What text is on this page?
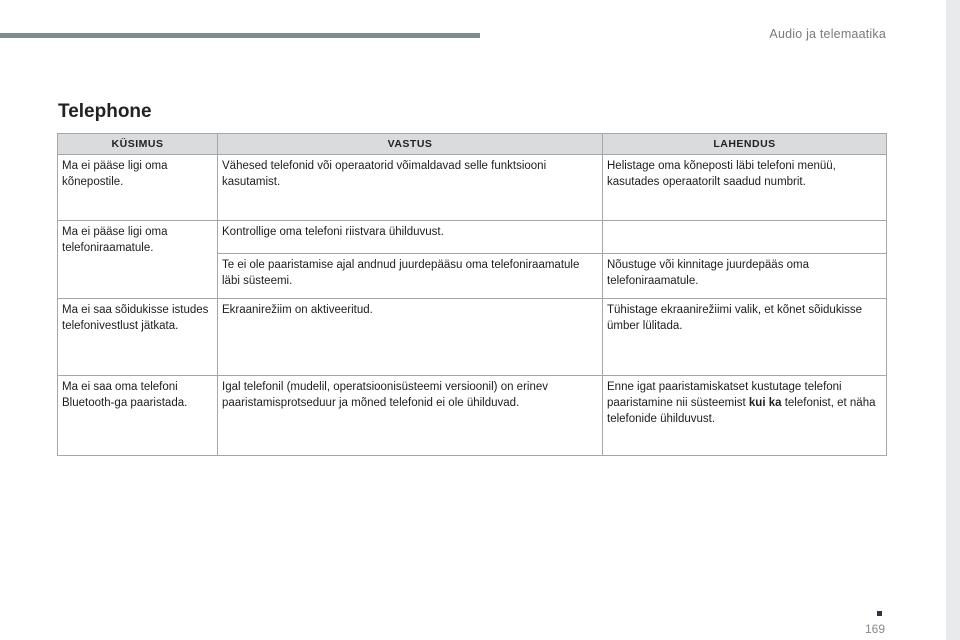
Audio ja telemaatika
Telephone
KÜSIMUS	VASTUS	LAHENDUS
Ma ei pääse ligi oma kõnepostile.	Vähesed telefonid või operaatorid võimaldavad selle funktsiooni kasutamist.	Helistage oma kõneposti läbi telefoni menüü, kasutades operaatorilt saadud numbrit.
Ma ei pääse ligi oma telefoniraamatule.	Kontrollige oma telefoni riistvara ühilduvust.	
	Te ei ole paaristamise ajal andnud juurdepääsu oma telefoniraamatule läbi süsteemi.	Nõustuge või kinnitage juurdepääs oma telefoniraamatule.
Ma ei saa sõidukisse istudes telefonivestlust jätkata.	Ekraanirežiim on aktiveeritud.	Tühistage ekraanirežiimi valik, et kõnet sõidukisse ümber lülitada.
Ma ei saa oma telefoni Bluetooth-ga paaristada.	Igal telefonil (mudelil, operatsioonisüsteemi versioonil) on erinev paaristamisprotseduur ja mõned telefonid ei ole ühilduvad.	Enne igat paaristamiskatset kustutage telefoni paaristamine nii süsteemist kui ka telefonist, et näha telefonide ühilduvust.
169
